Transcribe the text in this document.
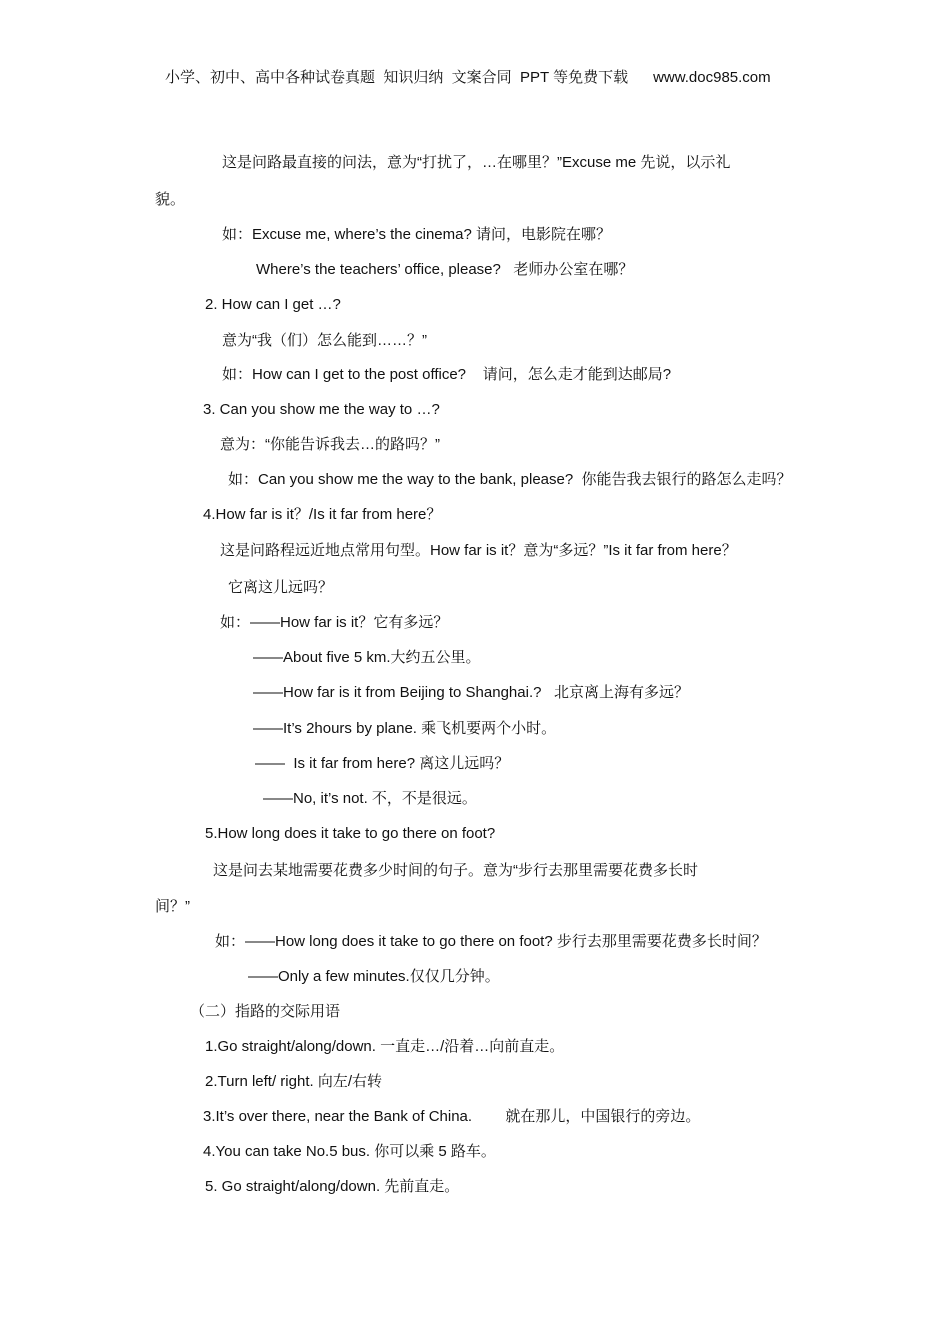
小学、初中、高中各种试卷真题  知识归纳  文案合同  PPT 等免费下载      www.doc985.com
这是问路最直接的问法，意为“打扰了，…在哪里？”Excuse me 先说，以示礼
貌。
如：Excuse me, where’s the cinema? 请问，电影院在哪？
Where’s the teachers’ office, please?   老师办公室在哪？
2. How can I get …?
意为“我（们）怎么能到……？”
如：How can I get to the post office?    请问，怎么走才能到达邮局?
3. Can you show me the way to …?
意为：“你能告诉我去…的路吗？”
如：Can you show me the way to the bank, please?  你能告我去银行的路怎么走吗？
4.How far is it？/Is it far from here？
这是问路程远近地点常用句型。How far is it？意为“多远？”Is it far from here？
它离这儿远吗？
如：——How far is it？它有多远？
——About five 5 km.大约五公里。
——How far is it from Beijing to Shanghai.?   北京离上海有多远？
——It’s 2hours by plane. 乘飞机要两个小时。
——  Is it far from here? 离这儿远吗？
——No, it’s not. 不，不是很远。
5.How long does it take to go there on foot?
这是问去某地需要花费多少时间的句子。意为“步行去那里需要花费多长时
间？”
如：——How long does it take to go there on foot? 步行去那里需要花费多长时间？
——Only a few minutes.仅仅几分钟。
（二）指路的交际用语
1.Go straight/along/down. 一直走…/沿着…向前直走。
2.Turn left/ right. 向左/右转
3.It’s over there, near the Bank of China.        就在那儿，中国银行的旁边。
4.You can take No.5 bus. 你可以乘 5 路车。
5. Go straight/along/down. 先前直走。
